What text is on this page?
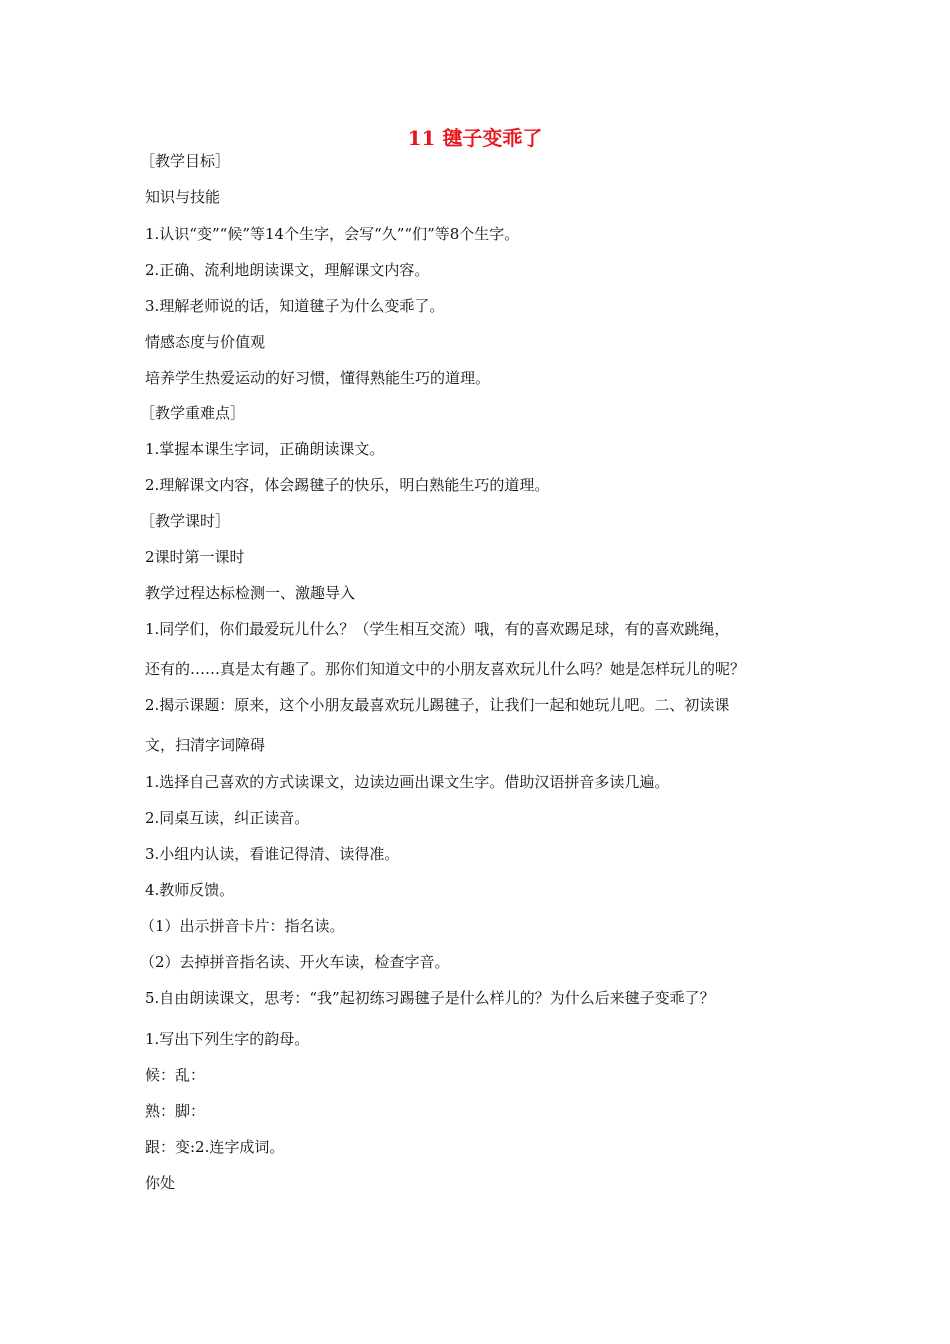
11 毽子变乖了
［教学目标］
知识与技能
1.认识“变”“候”等14个生字，会写“久”“们”等8个生字。
2.正确、流利地朗读课文，理解课文内容。
3.理解老师说的话，知道毽子为什么变乖了。
情感态度与价值观
培养学生热爱运动的好习惯，懂得熟能生巧的道理。
［教学重难点］
1.掌握本课生字词，正确朗读课文。
2.理解课文内容，体会踢毽子的快乐，明白熟能生巧的道理。
［教学课时］
2课时第一课时
教学过程达标检测一、激趣导入
1.同学们，你们最爱玩儿什么？（学生相互交流）哦，有的喜欢踢足球，有的喜欢跳绳，
还有的……真是太有趣了。那你们知道文中的小朋友喜欢玩儿什么吗？她是怎样玩儿的呢？
2.揭示课题：原来，这个小朋友最喜欢玩儿踢毽子，让我们一起和她玩儿吧。二、初读课
文，扫清字词障碍
1.选择自己喜欢的方式读课文，边读边画出课文生字。借助汉语拼音多读几遍。
2.同桌互读，纠正读音。
3.小组内认读，看谁记得清、读得准。
4.教师反馈。
（1）出示拼音卡片：指名读。
（2）去掉拼音指名读、开火车读，检查字音。
5.自由朗读课文，思考：“我”起初练习踢毽子是什么样儿的？为什么后来毽子变乖了？
1.写出下列生字的韵母。
候：乱：
熟：脚：
跟：变:2.连字成词。
你处
